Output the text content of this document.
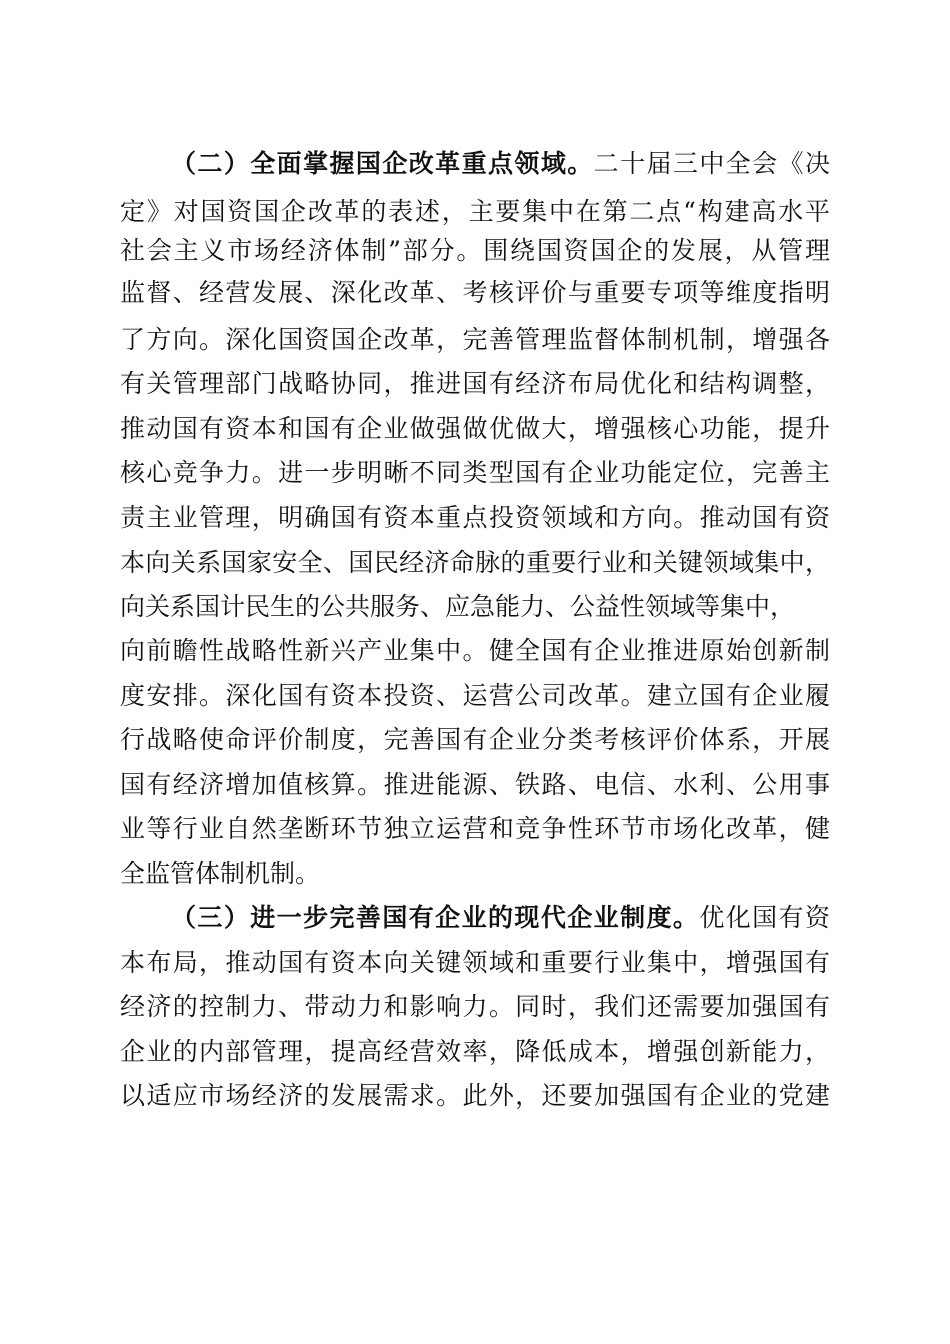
（二）全面掌握国企改革重点领域。二十届三中全会《决
定》对国资国企改革的表述，主要集中在第二点“构建高水平
社会主义市场经济体制”部分。围绕国资国企的发展，从管理
监督、经营发展、深化改革、考核评价与重要专项等维度指明
了方向。深化国资国企改革，完善管理监督体制机制，增强各
有关管理部门战略协同，推进国有经济布局优化和结构调整，
推动国有资本和国有企业做强做优做大，增强核心功能，提升
核心竞争力。进一步明晰不同类型国有企业功能定位，完善主
责主业管理，明确国有资本重点投资领域和方向。推动国有资
本向关系国家安全、国民经济命脉的重要行业和关键领域集中，
向关系国计民生的公共服务、应急能力、公益性领域等集中，
向前瞻性战略性新兴产业集中。健全国有企业推进原始创新制
度安排。深化国有资本投资、运营公司改革。建立国有企业履
行战略使命评价制度，完善国有企业分类考核评价体系，开展
国有经济增加值核算。推进能源、铁路、电信、水利、公用事
业等行业自然垄断环节独立运营和竞争性环节市场化改革，健
全监管体制机制。
（三）进一步完善国有企业的现代企业制度。优化国有资
本布局，推动国有资本向关键领域和重要行业集中，增强国有
经济的控制力、带动力和影响力。同时，我们还需要加强国有
企业的内部管理，提高经营效率，降低成本，增强创新能力，
以适应市场经济的发展需求。此外，还要加强国有企业的党建
